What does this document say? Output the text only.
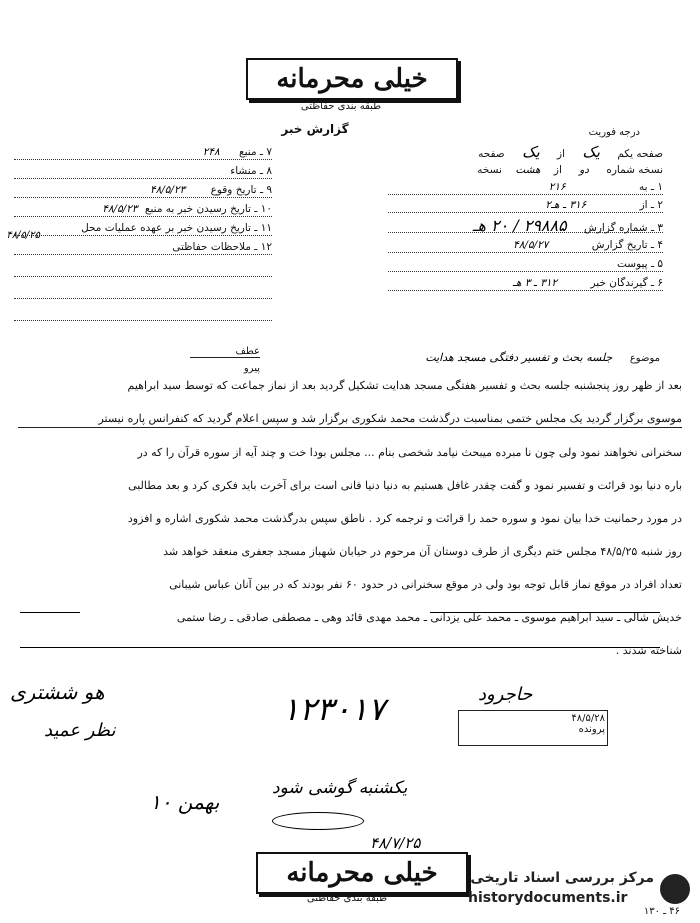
خیلی محرمانه
طبقه بندی حفاظتی
درجه فوریت
گزارش خبر
صفحه یکم یک از یک صفحه
نسخه شماره دو از هشت نسخه
۱ ـ به ۲۱۶
۲ ـ از ۳۱۶ ـ هـ۲
۳ ـ شماره گزارش ۲۹۸۸۵ / ۲۰ هـ
۴ ـ تاریخ گزارش ۴۸/۵/۲۷
۵ ـ پیوست
۶ ـ گیرندگان خبر ۳۱۲ ـ ۳ هـ
۷ ـ منبع ۲۴۸
۸ ـ منشاء
۹ ـ تاریخ وقوع ۴۸/۵/۲۳
۱۰ ـ تاریخ رسیدن خبر به منبع ۴۸/۵/۲۳
۱۱ ـ تاریخ رسیدن خبر بر عهده عملیات محل
۱۲ ـ ملاحظات حفاظتی
۴۸/۵/۲۵
عطف
پیرو
موضوع جلسه بحث و تفسیر دفتگی مسجد هدایت
بعد از ظهر روز پنجشنبه جلسه بحث و تفسیر هفتگی مسجد هدایت تشکیل گردید بعد از نماز جماعت که توسط سید ابراهیم
موسوی برگزار گردید یک مجلس ختمی بمناسبت درگذشت محمد شکوری برگزار شد و سپس اعلام گردید که کنفرانس پاره نیستر
سخنرانی نخواهند نمود ولی چون نا مبرده میبحث نیامد شخصی بنام ... مجلس بودا خت و چند آیه از سوره قرآن را که در
باره دنیا بود قرائت و تفسیر نمود و گفت چقدر غافل هستیم به دنیا دنیا فانی است برای آخرت باید فکری کرد و بعد مطالبی
در مورد رحمانیت خدا بیان نمود و سوره حمد را قرائت و ترجمه کرد . ناطق سپس بدرگذشت محمد شکوری اشاره و افزود
روز شنبه ۴۸/۵/۲۵ مجلس ختم دیگری از طرف دوستان آن مرحوم در حیابان شهباز مسجد جعفری منعقد خواهد شد
تعداد افراد در موقع نماز قابل توجه بود ولی در موقع سخنرانی در حدود ۶۰ نفر بودند که در بین آنان عباس شیبانی
خدیش شالی ـ سید ابراهیم موسوی ـ محمد علی یزدانی ـ محمد مهدی قائد وهی ـ مصطفی صادقی ـ رضا ستمی
شناخته شدند .
هو ششتری
نظر عمید
۱۲۳۰۱۷	حاجرود
۴۸/۵/۲۸
پرونده
یکشنبه گوشی شود
۱۰ بهمن
۴۸/۷/۲۵
خیلی محرمانه
طبقه بندی حفاظتی
مرکز بررسی اسناد تاریخی
historydocuments.ir
۴۶ ـ ۱۳۰
